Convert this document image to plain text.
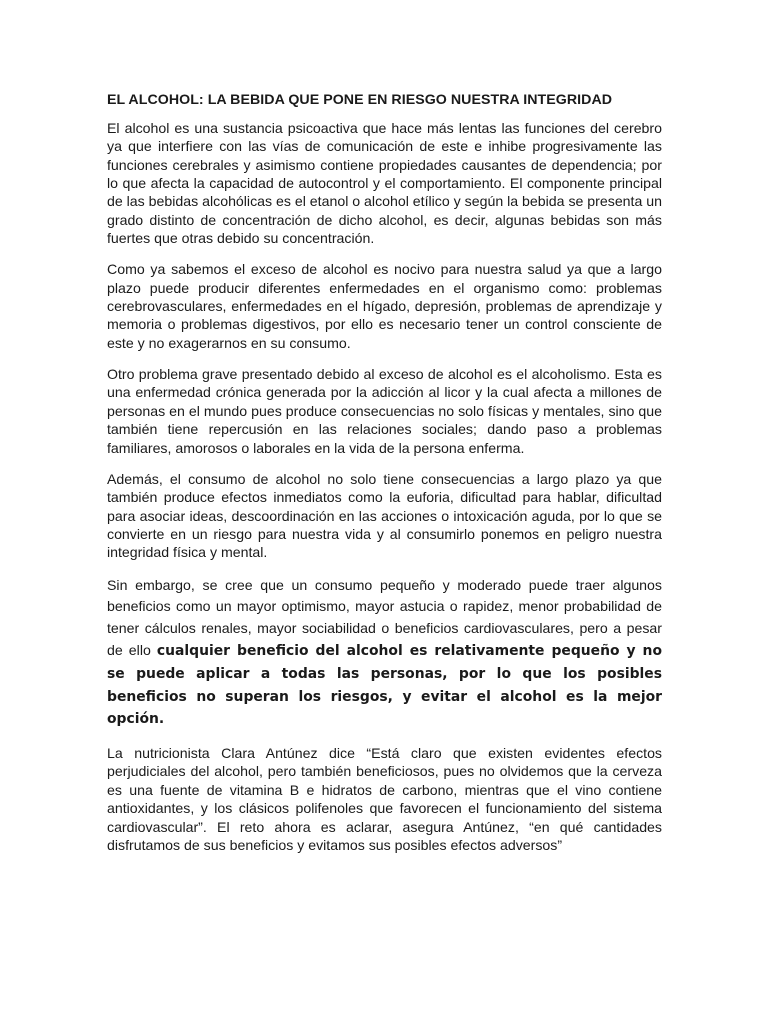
EL ALCOHOL: LA BEBIDA QUE PONE EN RIESGO NUESTRA INTEGRIDAD

El alcohol es una sustancia psicoactiva que hace más lentas las funciones del cerebro ya que interfiere con las vías de comunicación de este e inhibe progresivamente las funciones cerebrales y asimismo contiene propiedades causantes de dependencia; por lo que afecta la capacidad de autocontrol y el comportamiento. El componente principal de las bebidas alcohólicas es el etanol o alcohol etílico y según la bebida se presenta un grado distinto de concentración de dicho alcohol, es decir, algunas bebidas son más fuertes que otras debido su concentración.

Como ya sabemos el exceso de alcohol es nocivo para nuestra salud ya que a largo plazo puede producir diferentes enfermedades en el organismo como: problemas cerebrovasculares, enfermedades en el hígado, depresión, problemas de aprendizaje y memoria o problemas digestivos, por ello es necesario tener un control consciente de este y no exagerarnos en su consumo.

Otro problema grave presentado debido al exceso de alcohol es el alcoholismo. Esta es una enfermedad crónica generada por la adicción al licor y la cual afecta a millones de personas en el mundo pues produce consecuencias no solo físicas y mentales, sino que también tiene repercusión en las relaciones sociales; dando paso a problemas familiares, amorosos o laborales en la vida de la persona enferma.

Además, el consumo de alcohol no solo tiene consecuencias a largo plazo ya que también produce efectos inmediatos como la euforia, dificultad para hablar, dificultad para asociar ideas, descoordinación en las acciones o intoxicación aguda, por lo que se convierte en un riesgo para nuestra vida y al consumirlo ponemos en peligro nuestra integridad física y mental.

Sin embargo, se cree que un consumo pequeño y moderado puede traer algunos beneficios como un mayor optimismo, mayor astucia o rapidez, menor probabilidad de tener cálculos renales, mayor sociabilidad o beneficios cardiovasculares, pero a pesar de ello cualquier beneficio del alcohol es relativamente pequeño y no se puede aplicar a todas las personas, por lo que los posibles beneficios no superan los riesgos, y evitar el alcohol es la mejor opción.

La nutricionista Clara Antúnez dice “Está claro que existen evidentes efectos perjudiciales del alcohol, pero también beneficiosos, pues no olvidemos que la cerveza es una fuente de vitamina B e hidratos de carbono, mientras que el vino contiene antioxidantes, y los clásicos polifenoles que favorecen el funcionamiento del sistema cardiovascular”. El reto ahora es aclarar, asegura Antúnez, “en qué cantidades disfrutamos de sus beneficios y evitamos sus posibles efectos adversos”
